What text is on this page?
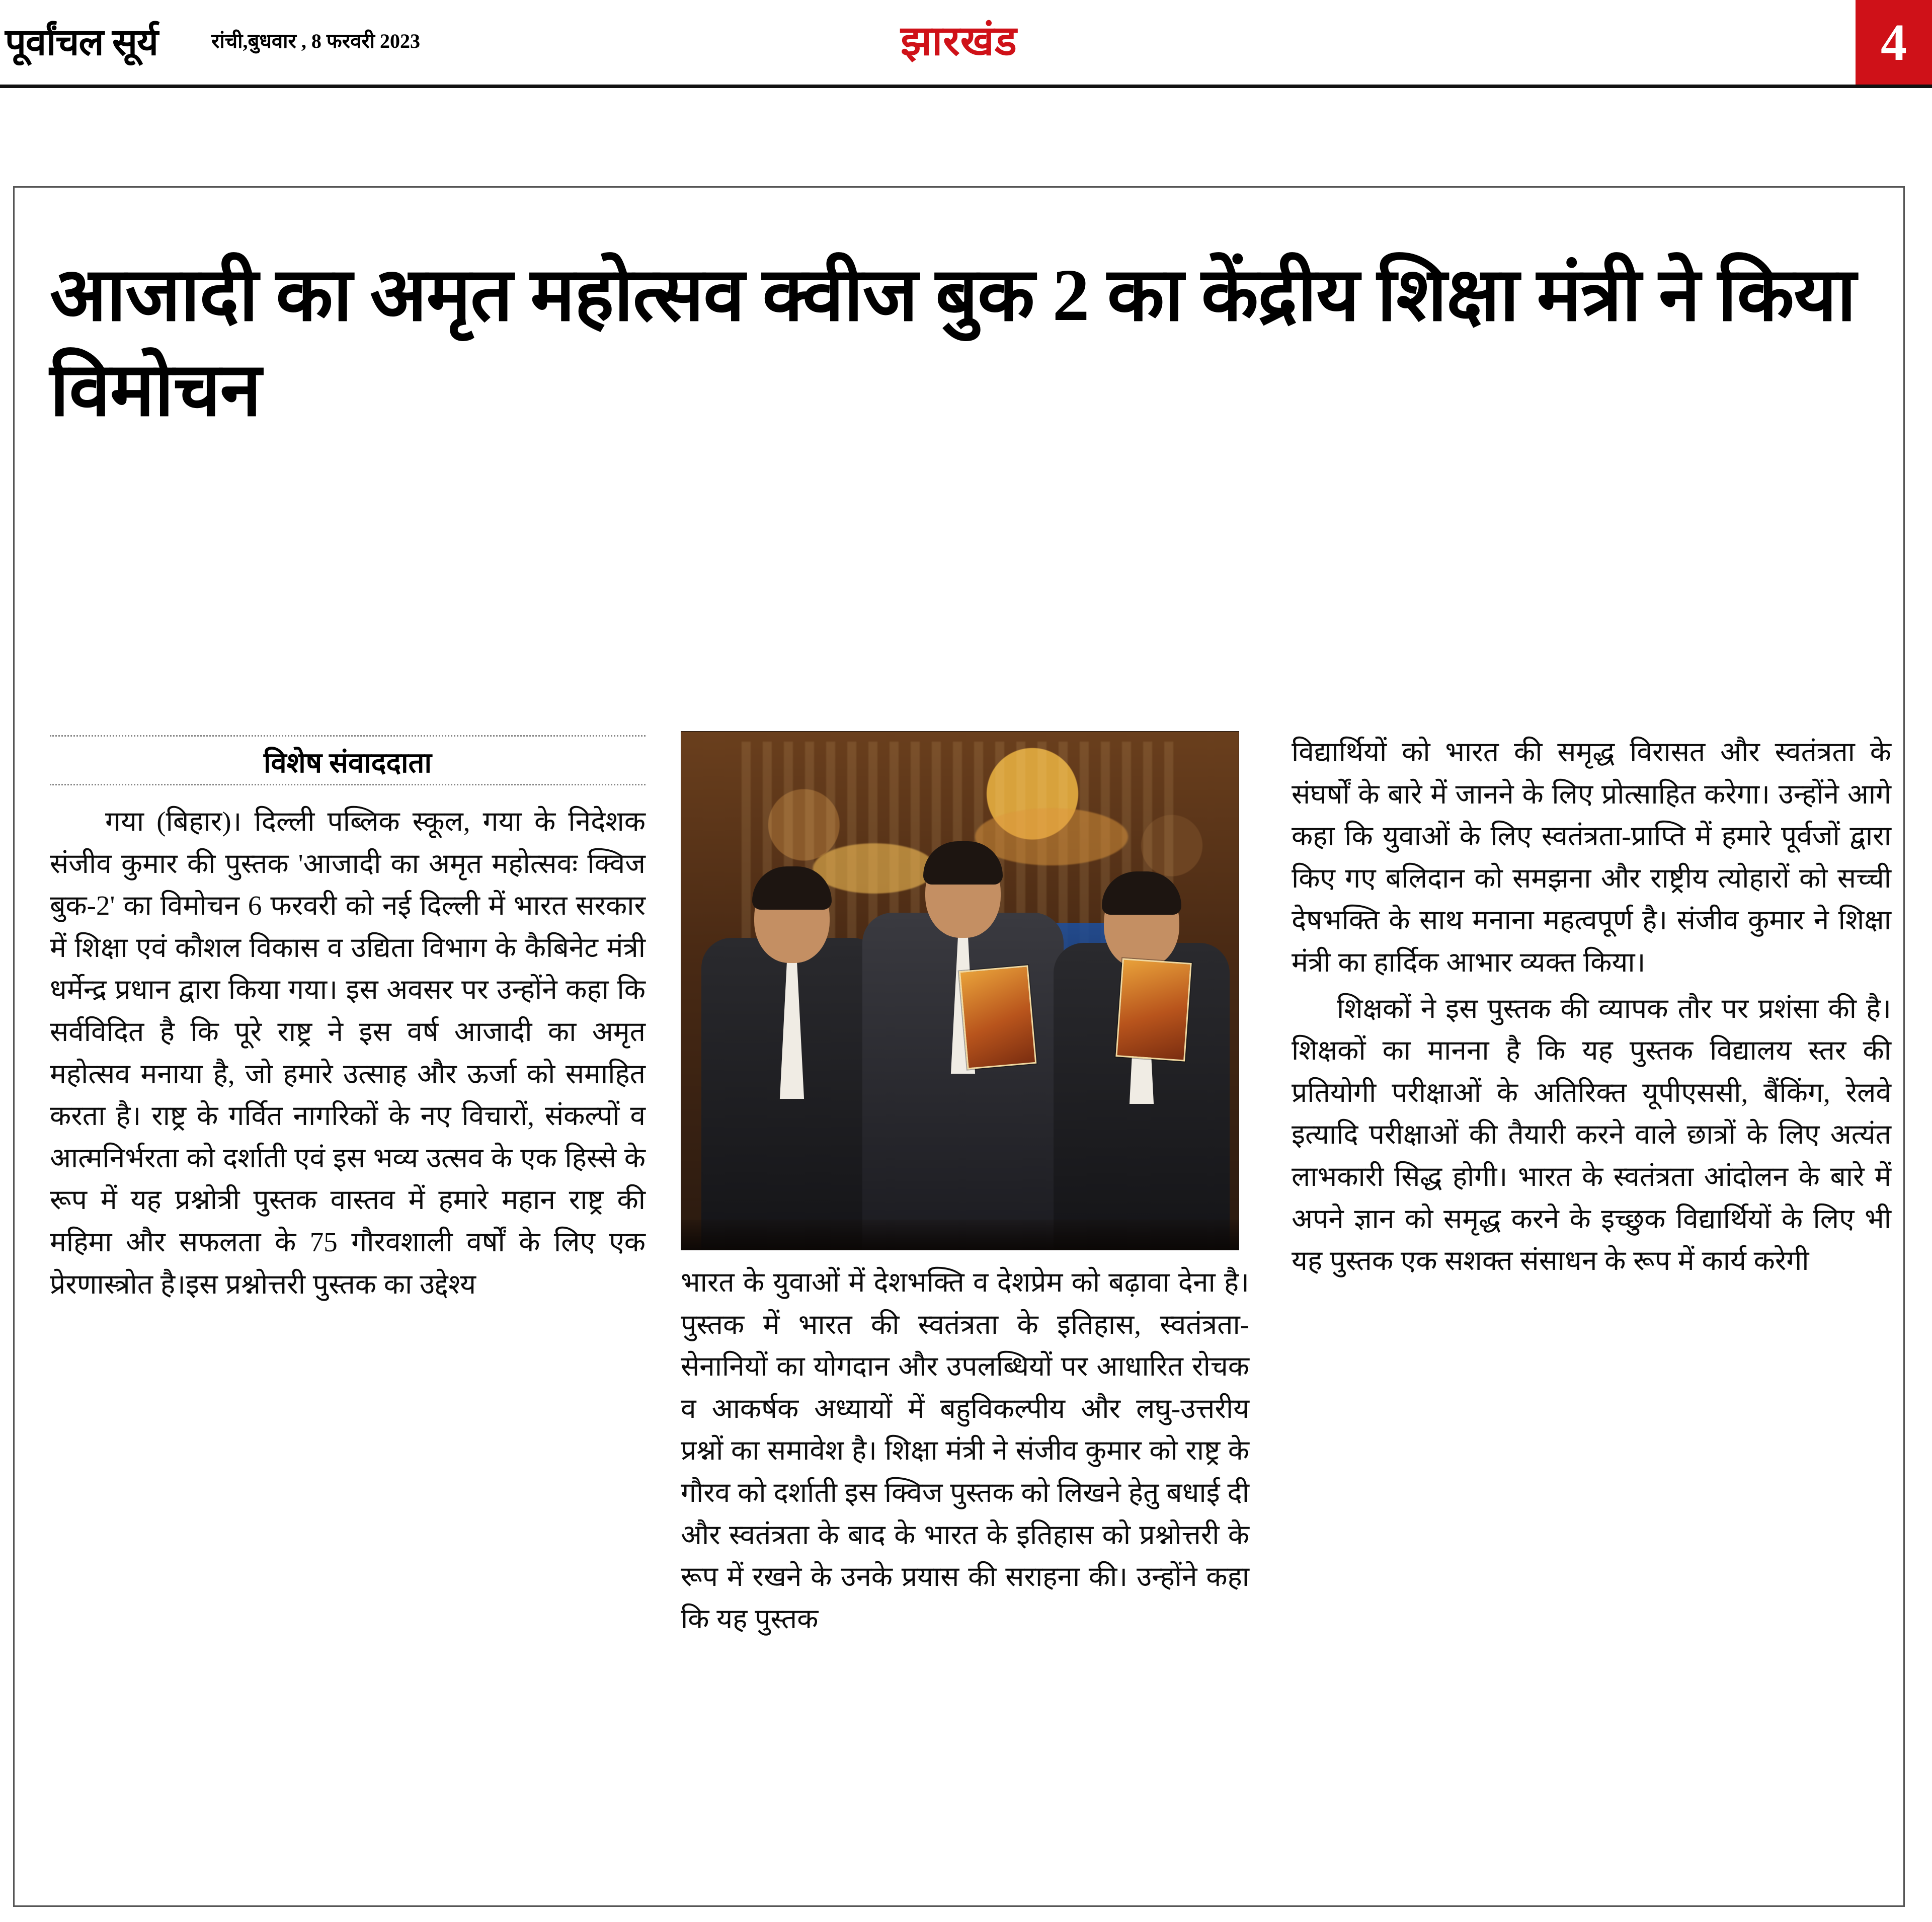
पूर्वांचल सूर्य	रांची,बुधवार , 8 फरवरी 2023	झारखंड	4
आजादी का अमृत महोत्सव क्वीज बुक 2 का केंद्रीय शिक्षा मंत्री ने किया विमोचन
विशेष संवाददाता

गया (बिहार)। दिल्ली पब्लिक स्कूल, गया के निदेशक संजीव कुमार की पुस्तक 'आजादी का अमृत महोत्सवः क्विज बुक-2' का विमोचन 6 फरवरी को नई दिल्ली में भारत सरकार में शिक्षा एवं कौशल विकास व उद्यिता विभाग के कैबिनेट मंत्री धर्मेन्द्र प्रधान द्वारा किया गया। इस अवसर पर उन्होंने कहा कि सर्वविदित है कि पूरे राष्ट्र ने इस वर्ष आजादी का अमृत महोत्सव मनाया है, जो हमारे उत्साह और ऊर्जा को समाहित करता है। राष्ट्र के गर्वित नागरिकों के नए विचारों, संकल्पों व आत्मनिर्भरता को दर्शाती एवं इस भव्य उत्सव के एक हिस्से के रूप में यह प्रश्नोत्री पुस्तक वास्तव में हमारे महान राष्ट्र की महिमा और सफलता के 75 गौरवशाली वर्षों के लिए एक प्रेरणास्त्रोत है।इस प्रश्नोत्तरी पुस्तक का उद्देश्य	भारत के युवाओं में देशभक्ति व देशप्रेम को बढ़ावा देना है। पुस्तक में भारत की स्वतंत्रता के इतिहास, स्वतंत्रता-सेनानियों का योगदान और उपलब्धियों पर आधारित रोचक व आकर्षक अध्यायों में बहुविकल्पीय और लघु-उत्तरीय प्रश्नों का समावेश है। शिक्षा मंत्री ने संजीव कुमार को राष्ट्र के गौरव को दर्शाती इस क्विज पुस्तक को लिखने हेतु बधाई दी और स्वतंत्रता के बाद के भारत के इतिहास को प्रश्नोत्तरी के रूप में रखने के उनके प्रयास की सराहना की। उन्होंने कहा कि यह पुस्तक

विद्यार्थियों को भारत की समृद्ध विरासत और स्वतंत्रता के संघर्षों के बारे में जानने के लिए प्रोत्साहित करेगा। उन्होंने आगे कहा कि युवाओं के लिए स्वतंत्रता-प्राप्ति में हमारे पूर्वजों द्वारा किए गए बलिदान को समझना और राष्ट्रीय त्योहारों को सच्ची देषभक्ति के साथ मनाना महत्वपूर्ण है। संजीव कुमार ने शिक्षा मंत्री का हार्दिक आभार व्यक्त किया।

शिक्षकों ने इस पुस्तक की व्यापक तौर पर प्रशंसा की है। शिक्षकों का मानना है कि यह पुस्तक विद्यालय स्तर की प्रतियोगी परीक्षाओं के अतिरिक्त यूपीएससी, बैंकिंग, रेलवे इत्यादि परीक्षाओं की तैयारी करने वाले छात्रों के लिए अत्यंत लाभकारी सिद्ध होगी। भारत के स्वतंत्रता आंदोलन के बारे में अपने ज्ञान को समृद्ध करने के इच्छुक विद्यार्थियों के लिए भी यह पुस्तक एक सशक्त संसाधन के रूप में कार्य करेगी
